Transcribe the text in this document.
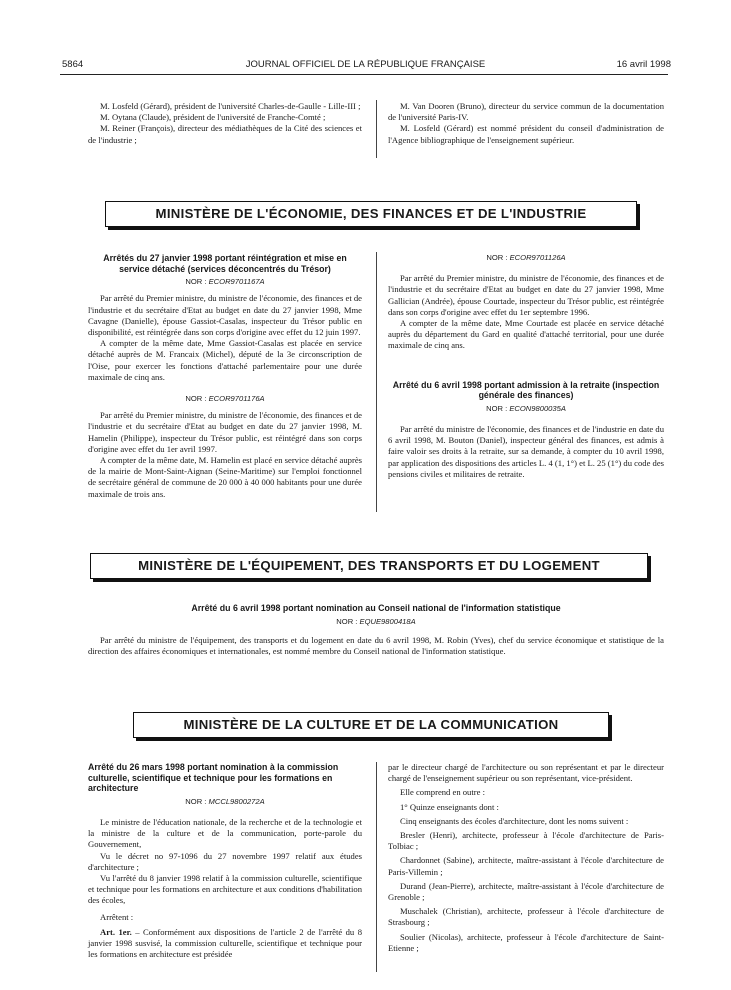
5864	JOURNAL OFFICIEL DE LA RÉPUBLIQUE FRANÇAISE	16 avril 1998

M. Losfeld (Gérard), président de l'université Charles-de-Gaulle - Lille-III ;

M. Oytana (Claude), président de l'université de Franche-Comté ;

M. Reiner (François), directeur des médiathèques de la Cité des sciences et de l'industrie ;

M. Van Dooren (Bruno), directeur du service commun de la documentation de l'université Paris-IV.

M. Losfeld (Gérard) est nommé président du conseil d'administration de l'Agence bibliographique de l'enseignement supérieur.

MINISTÈRE DE L'ÉCONOMIE, DES FINANCES ET DE L'INDUSTRIE

Arrêtés du 27 janvier 1998 portant réintégration et mise en service détaché (services déconcentrés du Trésor)

NOR : ECOR9701167A

Par arrêté du Premier ministre, du ministre de l'économie, des finances et de l'industrie et du secrétaire d'Etat au budget en date du 27 janvier 1998, Mme Cavagne (Danielle), épouse Gassiot-Casalas, inspecteur du Trésor public en disponibilité, est réintégrée dans son corps d'origine avec effet du 12 juin 1997.

A compter de la même date, Mme Gassiot-Casalas est placée en service détaché auprès de M. Francaix (Michel), député de la 3e circonscription de l'Oise, pour exercer les fonctions d'attaché parlementaire pour une durée maximale de cinq ans.

NOR : ECOR9701176A

Par arrêté du Premier ministre, du ministre de l'économie, des finances et de l'industrie et du secrétaire d'Etat au budget en date du 27 janvier 1998, M. Hamelin (Philippe), inspecteur du Trésor public, est réintégré dans son corps d'origine avec effet du 1er avril 1997.

A compter de la même date, M. Hamelin est placé en service détaché auprès de la mairie de Mont-Saint-Aignan (Seine-Maritime) sur l'emploi fonctionnel de secrétaire général de commune de 20 000 à 40 000 habitants pour une durée maximale de trois ans.

NOR : ECOR9701126A

Par arrêté du Premier ministre, du ministre de l'économie, des finances et de l'industrie et du secrétaire d'Etat au budget en date du 27 janvier 1998, Mme Gallician (Andrée), épouse Courtade, inspecteur du Trésor public, est réintégrée dans son corps d'origine avec effet du 1er septembre 1996.

A compter de la même date, Mme Courtade est placée en service détaché auprès du département du Gard en qualité d'attaché territorial, pour une durée maximale de cinq ans.

Arrêté du 6 avril 1998 portant admission à la retraite (inspection générale des finances)

NOR : ECON9800035A

Par arrêté du ministre de l'économie, des finances et de l'industrie en date du 6 avril 1998, M. Bouton (Daniel), inspecteur général des finances, est admis à faire valoir ses droits à la retraite, sur sa demande, à compter du 10 avril 1998, par application des dispositions des articles L. 4 (1, 1°) et L. 25 (1°) du code des pensions civiles et militaires de retraite.

MINISTÈRE DE L'ÉQUIPEMENT, DES TRANSPORTS ET DU LOGEMENT

Arrêté du 6 avril 1998 portant nomination au Conseil national de l'information statistique

NOR : EQUE9800418A

Par arrêté du ministre de l'équipement, des transports et du logement en date du 6 avril 1998, M. Robin (Yves), chef du service économique et statistique de la direction des affaires économiques et internationales, est nommé membre du Conseil national de l'information statistique.

MINISTÈRE DE LA CULTURE ET DE LA COMMUNICATION

Arrêté du 26 mars 1998 portant nomination à la commission culturelle, scientifique et technique pour les formations en architecture

NOR : MCCL9800272A

Le ministre de l'éducation nationale, de la recherche et de la technologie et la ministre de la culture et de la communication, porte-parole du Gouvernement,

Vu le décret no 97-1096 du 27 novembre 1997 relatif aux études d'architecture ;

Vu l'arrêté du 8 janvier 1998 relatif à la commission culturelle, scientifique et technique pour les formations en architecture et aux conditions d'habilitation des écoles,

Arrêtent :

Art. 1er. – Conformément aux dispositions de l'article 2 de l'arrêté du 8 janvier 1998 susvisé, la commission culturelle, scientifique et technique pour les formations en architecture est présidée

par le directeur chargé de l'architecture ou son représentant et par le directeur chargé de l'enseignement supérieur ou son représentant, vice-président.

Elle comprend en outre :

1° Quinze enseignants dont :

Cinq enseignants des écoles d'architecture, dont les noms suivent :

Bresler (Henri), architecte, professeur à l'école d'architecture de Paris-Tolbiac ;

Chardonnet (Sabine), architecte, maître-assistant à l'école d'architecture de Paris-Villemin ;

Durand (Jean-Pierre), architecte, maître-assistant à l'école d'architecture de Grenoble ;

Muschalek (Christian), architecte, professeur à l'école d'architecture de Strasbourg ;

Soulier (Nicolas), architecte, professeur à l'école d'architecture de Saint-Etienne ;
